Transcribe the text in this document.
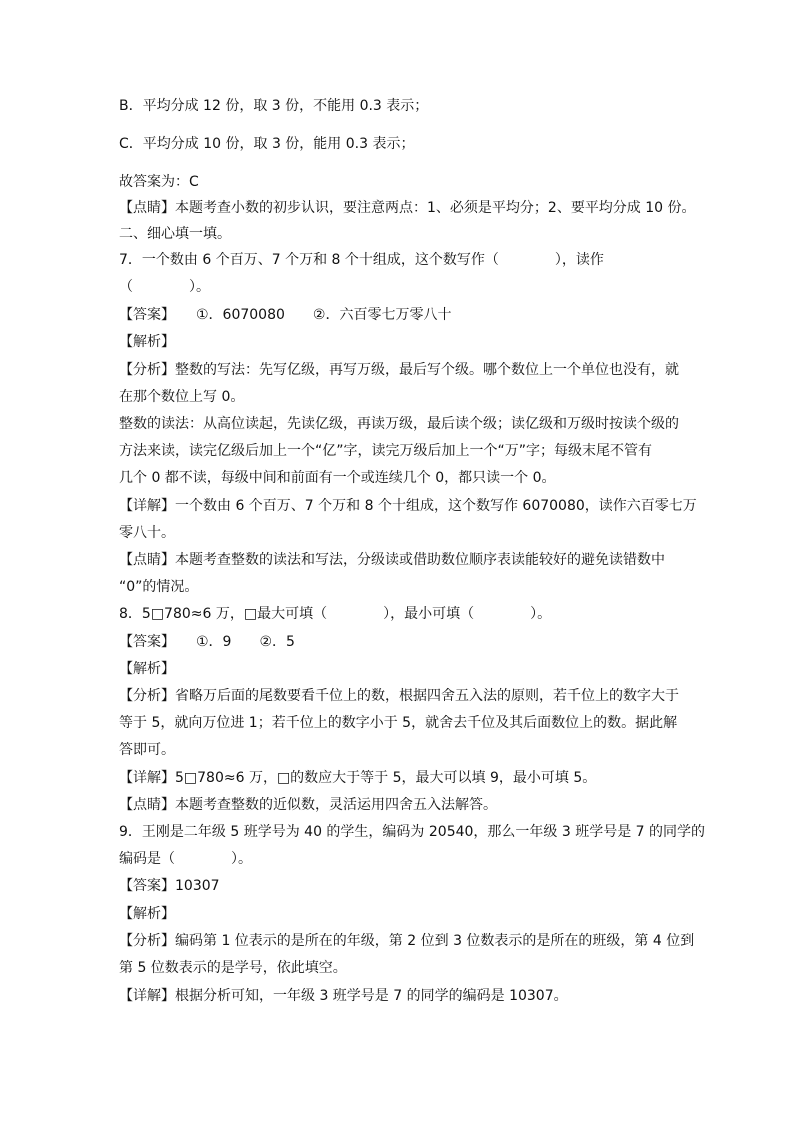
B．平均分成 12 份，取 3 份，不能用 0.3 表示；
C．平均分成 10 份，取 3 份，能用 0.3 表示；
故答案为：C
【点睛】本题考查小数的初步认识，要注意两点：1、必须是平均分；2、要平均分成 10 份。
二、细心填一填。
7．一个数由 6 个百万、7 个万和 8 个十组成，这个数写作（　　　　），读作
（　　　　）。
【答案】　　①．6070080　　②．六百零七万零八十
【解析】
【分析】整数的写法：先写亿级，再写万级，最后写个级。哪个数位上一个单位也没有，就
在那个数位上写 0。
整数的读法：从高位读起，先读亿级，再读万级，最后读个级；读亿级和万级时按读个级的
方法来读，读完亿级后加上一个“亿”字，读完万级后加上一个“万”字；每级末尾不管有
几个 0 都不读，每级中间和前面有一个或连续几个 0，都只读一个 0。
【详解】一个数由 6 个百万、7 个万和 8 个十组成，这个数写作 6070080，读作六百零七万
零八十。
【点睛】本题考查整数的读法和写法，分级读或借助数位顺序表读能较好的避免读错数中
“0”的情况。
8．5□780≈6 万，□最大可填（　　　　），最小可填（　　　　）。
【答案】　　①．9　　②．5
【解析】
【分析】省略万后面的尾数要看千位上的数，根据四舍五入法的原则，若千位上的数字大于
等于 5，就向万位进 1；若千位上的数字小于 5，就舍去千位及其后面数位上的数。据此解
答即可。
【详解】5□780≈6 万，□的数应大于等于 5，最大可以填 9，最小可填 5。
【点睛】本题考查整数的近似数，灵活运用四舍五入法解答。
9．王刚是二年级 5 班学号为 40 的学生，编码为 20540，那么一年级 3 班学号是 7 的同学的
编码是（　　　　）。
【答案】10307
【解析】
【分析】编码第 1 位表示的是所在的年级，第 2 位到 3 位数表示的是所在的班级，第 4 位到
第 5 位数表示的是学号，依此填空。
【详解】根据分析可知，一年级 3 班学号是 7 的同学的编码是 10307。
